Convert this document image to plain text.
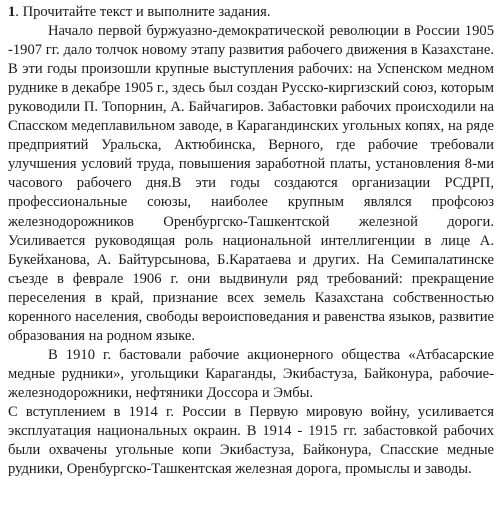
1. Прочитайте текст и выполните задания.

Начало первой буржуазно-демократической революции в России 1905 -1907 гг. дало толчок новому этапу развития рабочего движения в Казахстане. В эти годы произошли крупные выступления рабочих: на Успенском медном руднике в декабре 1905 г., здесь был создан Русско-киргизский союз, которым руководили П. Топорнин, А. Байчагиров. Забастовки рабочих происходили на Спасском медеплавильном заводе, в Карагандинских угольных копях, на ряде предприятий Уральска, Актюбинска, Верного, где рабочие требовали улучшения условий труда, повышения заработной платы, установления 8-ми часового рабочего дня.В эти годы создаются организации РСДРП, профессиональные союзы, наиболее крупным являлся профсоюз железнодорожников Оренбургско-Ташкентской железной дороги. Усиливается руководящая роль национальной интеллигенции в лице А. Букейханова, А. Байтурсынова, Б.Каратаева и других. На Семипалатинске съезде в феврале 1906 г. они выдвинули ряд требований: прекращение переселения в край, признание всех земель Казахстана собственностью коренного населения, свободы вероисповедания и равенства языков, развитие образования на родном языке.

В 1910 г. бастовали рабочие акционерного общества «Атбасарские медные рудники», угольщики Караганды, Экибастуза, Байконура, рабочие-железнодорожники, нефтяники Доссора и Эмбы.

С вступлением в 1914 г. России в Первую мировую войну, усиливается эксплуатация национальных окраин. В 1914 - 1915 гг. забастовкой рабочих были охвачены угольные копи Экибастуза, Байконура, Спасские медные рудники, Оренбургско-Ташкентская железная дорога, промыслы и заводы.
